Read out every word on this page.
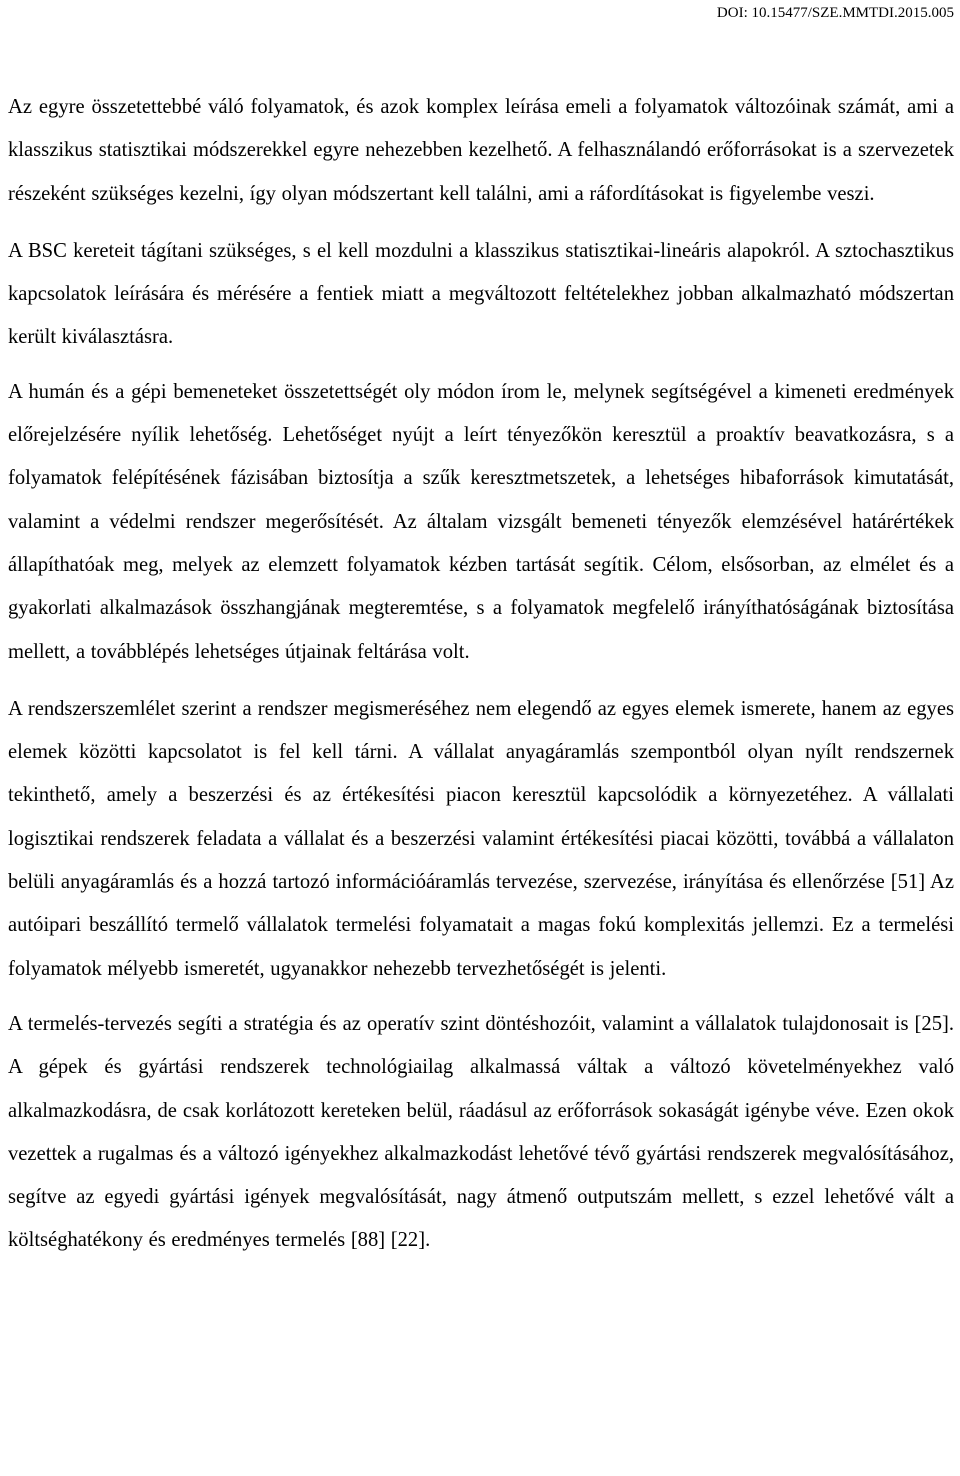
DOI: 10.15477/SZE.MMTDI.2015.005

Az egyre összetettebbé váló folyamatok, és azok komplex leírása emeli a folyamatok változóinak számát, ami a klasszikus statisztikai módszerekkel egyre nehezebben kezelhető. A felhasználandó erőforrásokat is a szervezetek részeként szükséges kezelni, így olyan módszertant kell találni, ami a ráfordításokat is figyelembe veszi.

A BSC kereteit tágítani szükséges, s el kell mozdulni a klasszikus statisztikai-lineáris alapokról. A sztochasztikus kapcsolatok leírására és mérésére a fentiek miatt a megváltozott feltételekhez jobban alkalmazható módszertan került kiválasztásra.

A humán és a gépi bemeneteket összetettségét oly módon írom le, melynek segítségével a kimeneti eredmények előrejelzésére nyílik lehetőség. Lehetőséget nyújt a leírt tényezőkön keresztül a proaktív beavatkozásra, s a folyamatok felépítésének fázisában biztosítja a szűk keresztmetszetek, a lehetséges hibaforrások kimutatását, valamint a védelmi rendszer megerősítését. Az általam vizsgált bemeneti tényezők elemzésével határértékek állapíthatóak meg, melyek az elemzett folyamatok kézben tartását segítik. Célom, elsősorban, az elmélet és a gyakorlati alkalmazások összhangjának megteremtése, s a folyamatok megfelelő irányíthatóságának biztosítása mellett, a továbblépés lehetséges útjainak feltárása volt.

A rendszerszemlélet szerint a rendszer megismeréséhez nem elegendő az egyes elemek ismerete, hanem az egyes elemek közötti kapcsolatot is fel kell tárni. A vállalat anyagáramlás szempontból olyan nyílt rendszernek tekinthető, amely a beszerzési és az értékesítési piacon keresztül kapcsolódik a környezetéhez. A vállalati logisztikai rendszerek feladata a vállalat és a beszerzési valamint értékesítési piacai közötti, továbbá a vállalaton belüli anyagáramlás és a hozzá tartozó információáramlás tervezése, szervezése, irányítása és ellenőrzése [51] Az autóipari beszállító termelő vállalatok termelési folyamatait a magas fokú komplexitás jellemzi. Ez a termelési folyamatok mélyebb ismeretét, ugyanakkor nehezebb tervezhetőségét is jelenti.

A termelés-tervezés segíti a stratégia és az operatív szint döntéshozóit, valamint a vállalatok tulajdonosait is [25]. A gépek és gyártási rendszerek technológiailag alkalmassá váltak a változó követelményekhez való alkalmazkodásra, de csak korlátozott kereteken belül, ráadásul az erőforrások sokaságát igénybe véve. Ezen okok vezettek a rugalmas és a változó igényekhez alkalmazkodást lehetővé tévő gyártási rendszerek megvalósításához, segítve az egyedi gyártási igények megvalósítását, nagy átmenő outputszám mellett, s ezzel lehetővé vált a költséghatékony és eredményes termelés [88] [22].
